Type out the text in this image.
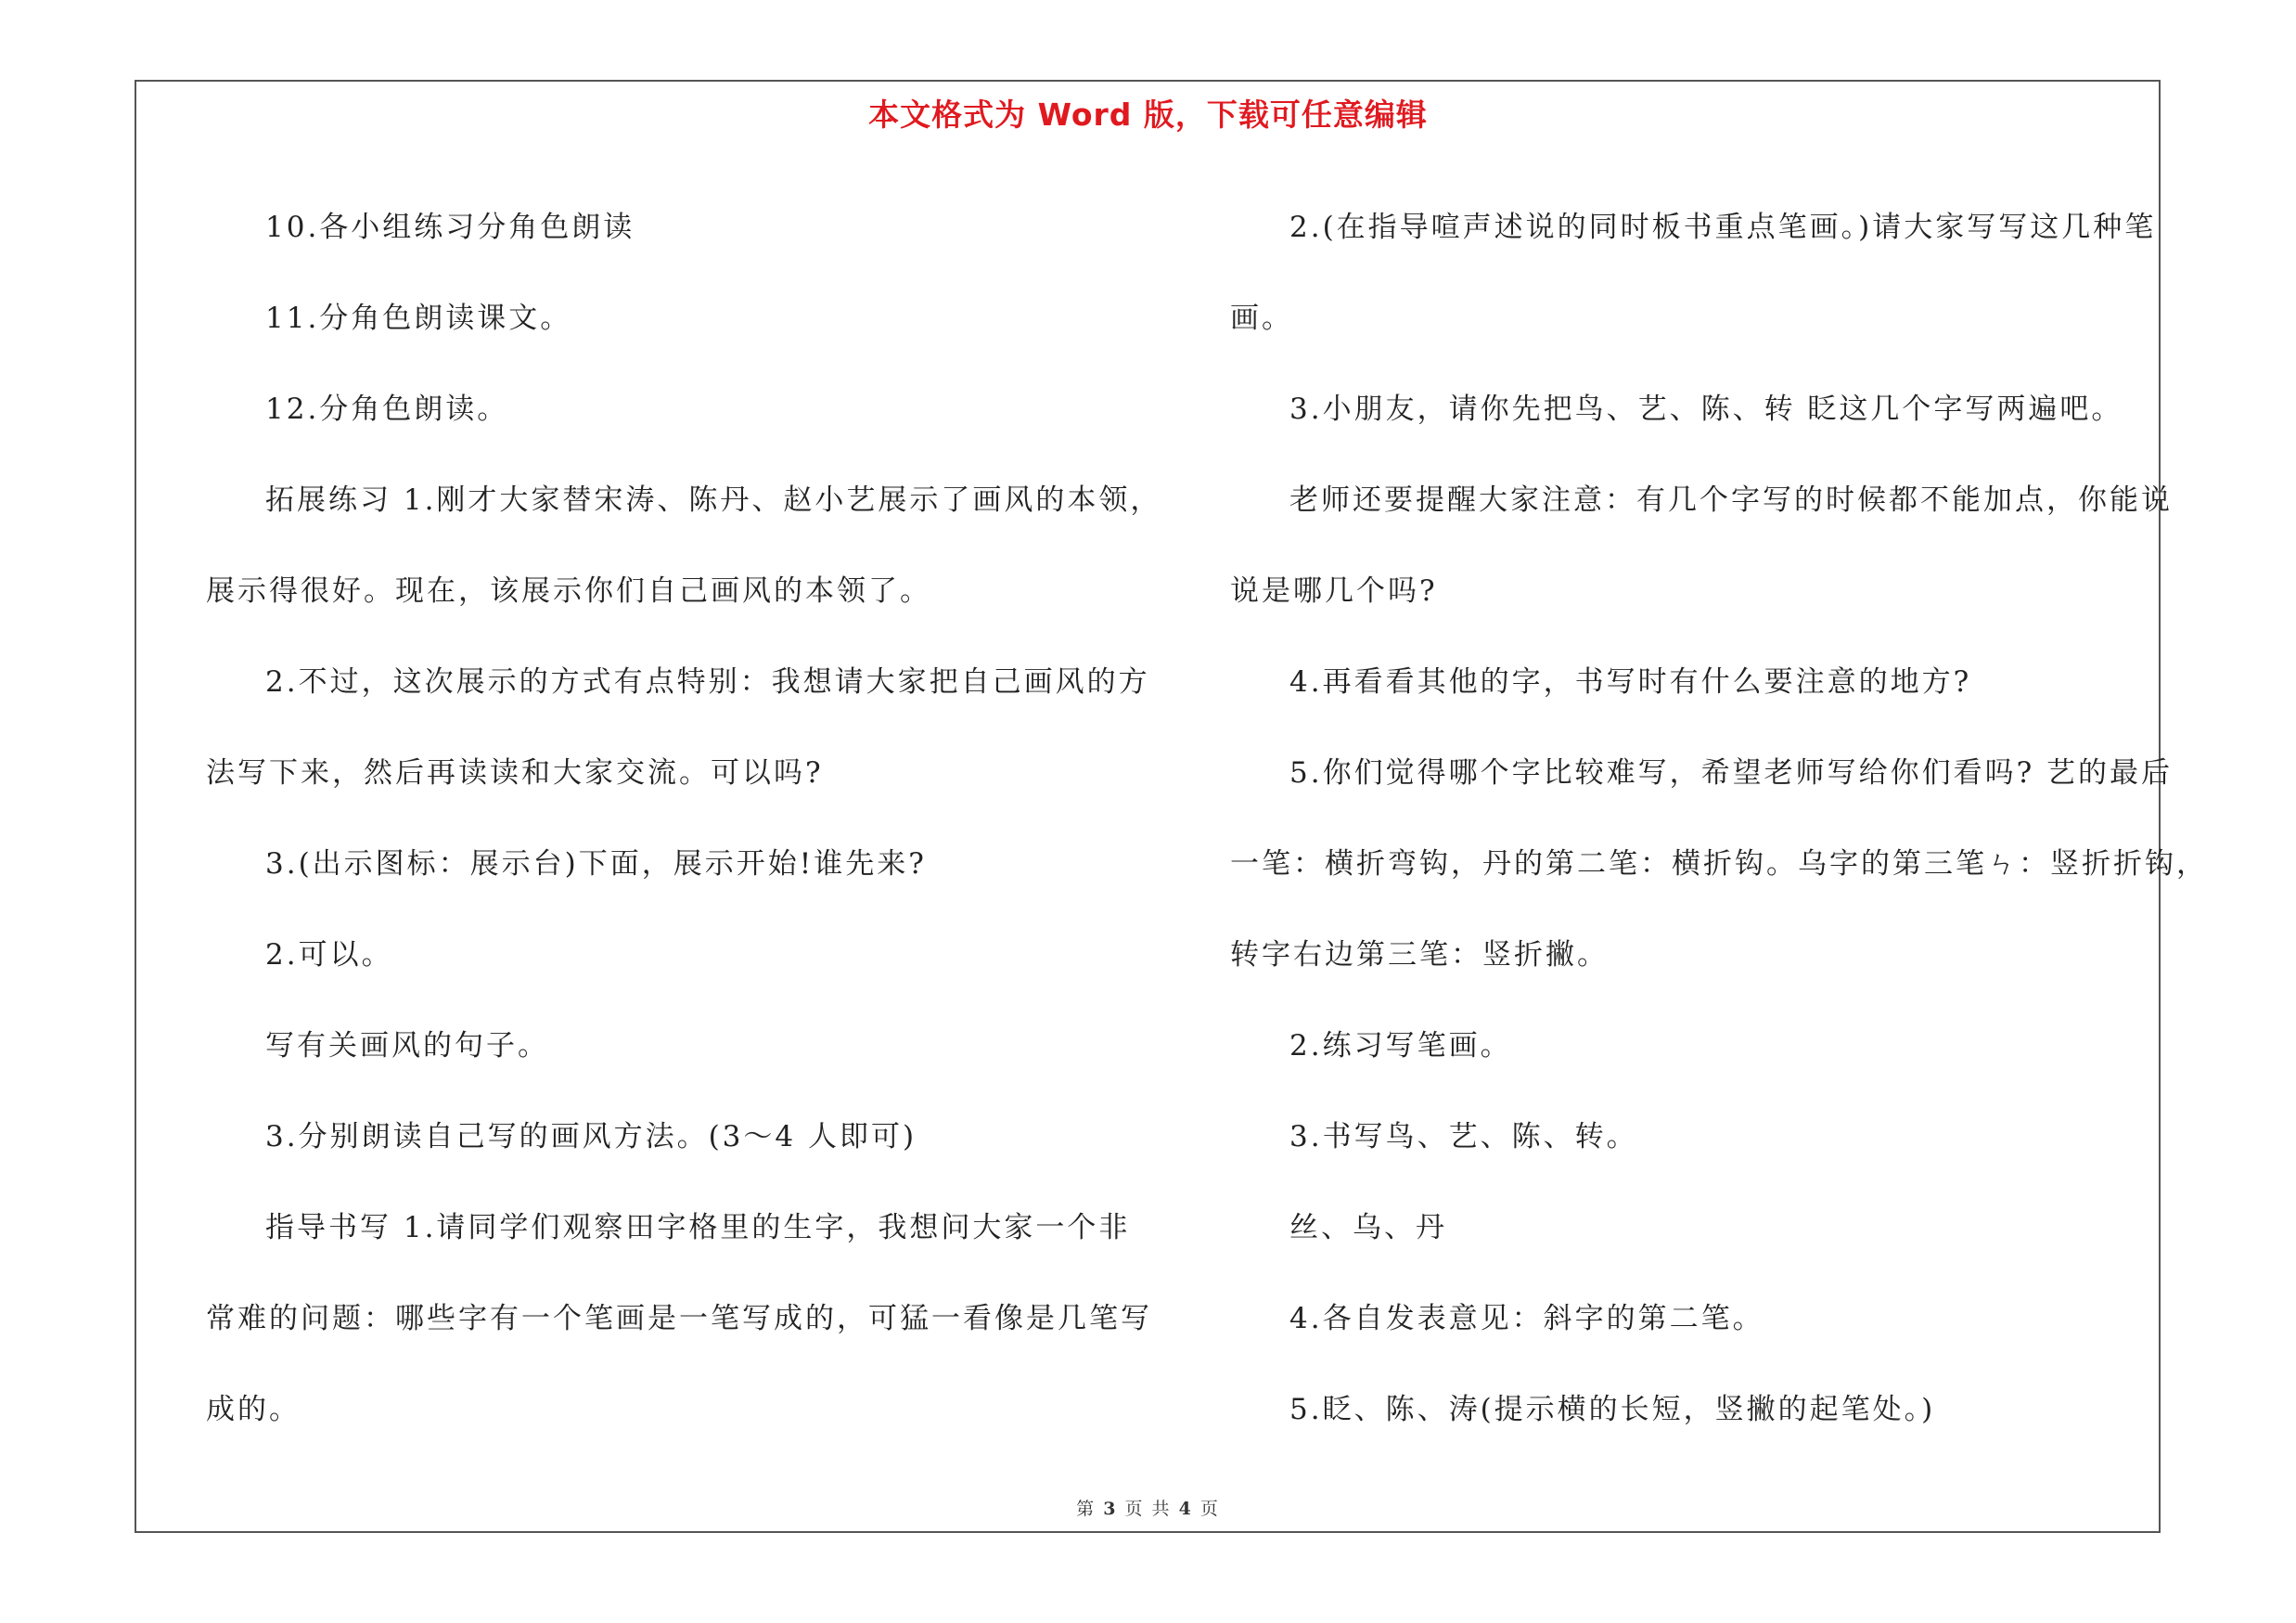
本文格式为 Word 版，下载可任意编辑

10.各小组练习分角色朗读

11.分角色朗读课文。

12.分角色朗读。

拓展练习 1.刚才大家替宋涛、陈丹、赵小艺展示了画风的本领，

展示得很好。现在，该展示你们自己画风的本领了。

2.不过，这次展示的方式有点特别：我想请大家把自己画风的方

法写下来，然后再读读和大家交流。可以吗?

3.(出示图标：展示台)下面，展示开始!谁先来?

2.可以。

写有关画风的句子。

3.分别朗读自己写的画风方法。(3～4 人即可)

指导书写 1.请同学们观察田字格里的生字，我想问大家一个非

常难的问题：哪些字有一个笔画是一笔写成的，可猛一看像是几笔写

成的。

2.(在指导喧声述说的同时板书重点笔画。)请大家写写这几种笔

画。

3.小朋友，请你先把鸟、艺、陈、转 眨这几个字写两遍吧。

老师还要提醒大家注意：有几个字写的时候都不能加点，你能说

说是哪几个吗?

4.再看看其他的字，书写时有什么要注意的地方?

5.你们觉得哪个字比较难写，希望老师写给你们看吗? 艺的最后

一笔：横折弯钩，丹的第二笔：横折钩。乌字的第三笔ㄣ：竖折折钩，

转字右边第三笔：竖折撇。

2.练习写笔画。

3.书写鸟、艺、陈、转。

丝、乌、丹

4.各自发表意见：斜字的第二笔。

5.眨、陈、涛(提示横的长短，竖撇的起笔处。)

第 3 页 共 4 页
